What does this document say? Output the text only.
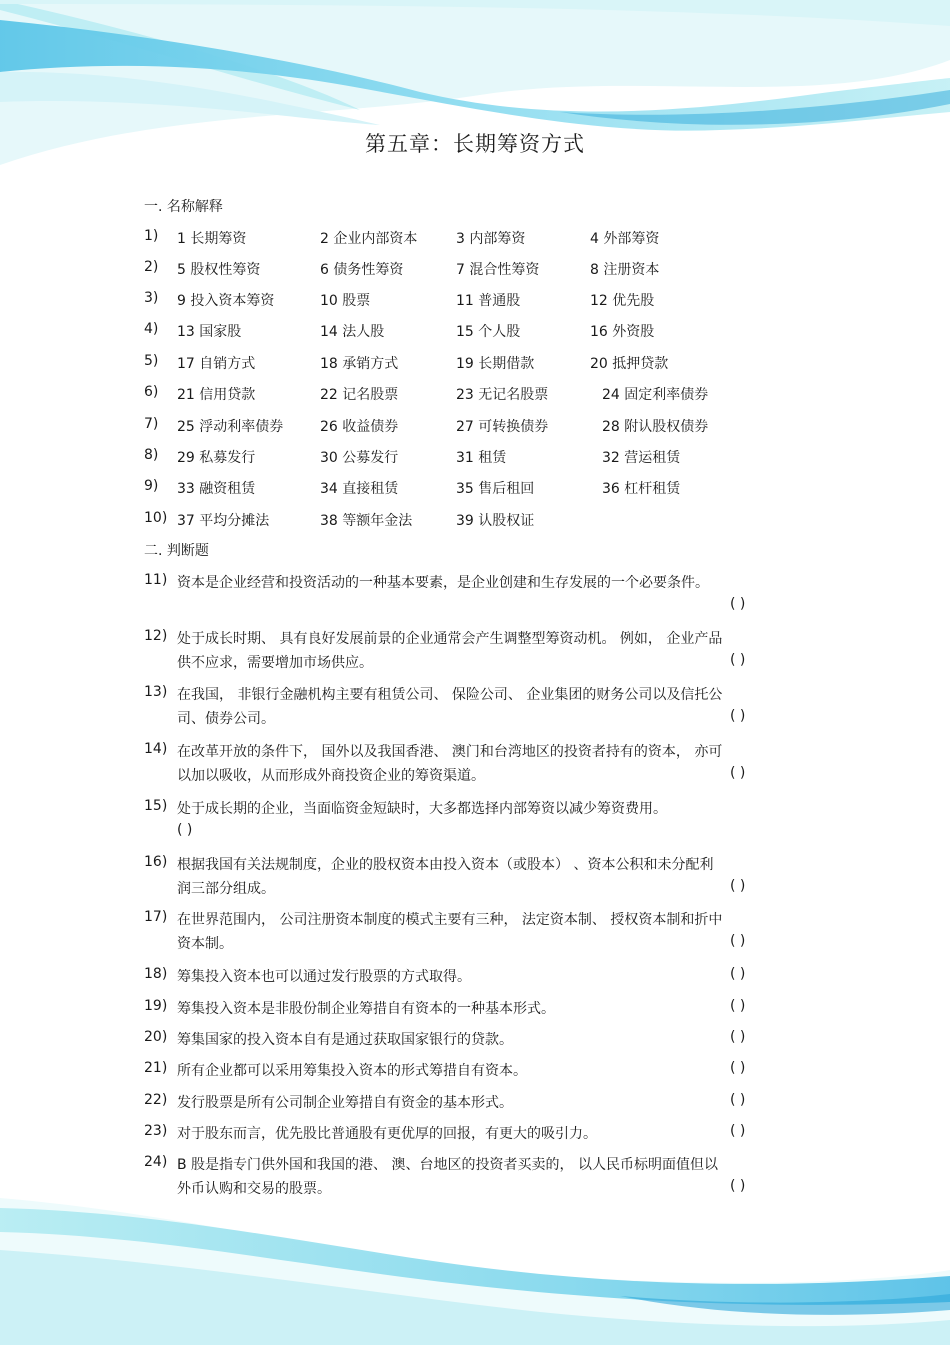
第五章：长期筹资方式
一. 名称解释
1) 1 长期筹资	2 企业内部资本	3 内部筹资	4 外部筹资
2) 5 股权性筹资	6 债务性筹资	7 混合性筹资	8 注册资本
3) 9 投入资本筹资	10 股票	11 普通股	12 优先股
4) 13 国家股	14 法人股	15 个人股	16 外资股
5) 17 自销方式	18 承销方式	19 长期借款	20 抵押贷款
6) 21 信用贷款	22 记名股票	23 无记名股票	24 固定利率债券
7) 25 浮动利率债券	26 收益债券	27 可转换债券	28 附认股权债券
8) 29 私募发行	30 公募发行	31 租赁	32 营运租赁
9) 33 融资租赁	34 直接租赁	35 售后租回	36 杠杆租赁
10) 37 平均分摊法	38 等额年金法	39 认股权证
二. 判断题
11) 资本是企业经营和投资活动的一种基本要素，是企业创建和生存发展的一个必要条件。
( )
12) 处于成长时期、 具有良好发展前景的企业通常会产生调整型筹资动机。 例如， 企业产品
供不应求，需要增加市场供应。	( )
13) 在我国， 非银行金融机构主要有租赁公司、 保险公司、 企业集团的财务公司以及信托公
司、债券公司。	( )
14) 在改革开放的条件下， 国外以及我国香港、 澳门和台湾地区的投资者持有的资本， 亦可
以加以吸收，从而形成外商投资企业的筹资渠道。	( )
15) 处于成长期的企业，当面临资金短缺时，大多都选择内部筹资以减少筹资费用。
( )
16) 根据我国有关法规制度，企业的股权资本由投入资本（或股本） 、资本公积和未分配利
润三部分组成。	( )
17) 在世界范围内， 公司注册资本制度的模式主要有三种， 法定资本制、 授权资本制和折中
资本制。	( )
18) 筹集投入资本也可以通过发行股票的方式取得。	( )
19) 筹集投入资本是非股份制企业筹措自有资本的一种基本形式。	( )
20) 筹集国家的投入资本自有是通过获取国家银行的贷款。	( )
21) 所有企业都可以采用筹集投入资本的形式筹措自有资本。	( )
22) 发行股票是所有公司制企业筹措自有资金的基本形式。	( )
23) 对于股东而言，优先股比普通股有更优厚的回报，有更大的吸引力。	( )
24) B 股是指专门供外国和我国的港、 澳、台地区的投资者买卖的， 以人民币标明面值但以
外币认购和交易的股票。	( )
